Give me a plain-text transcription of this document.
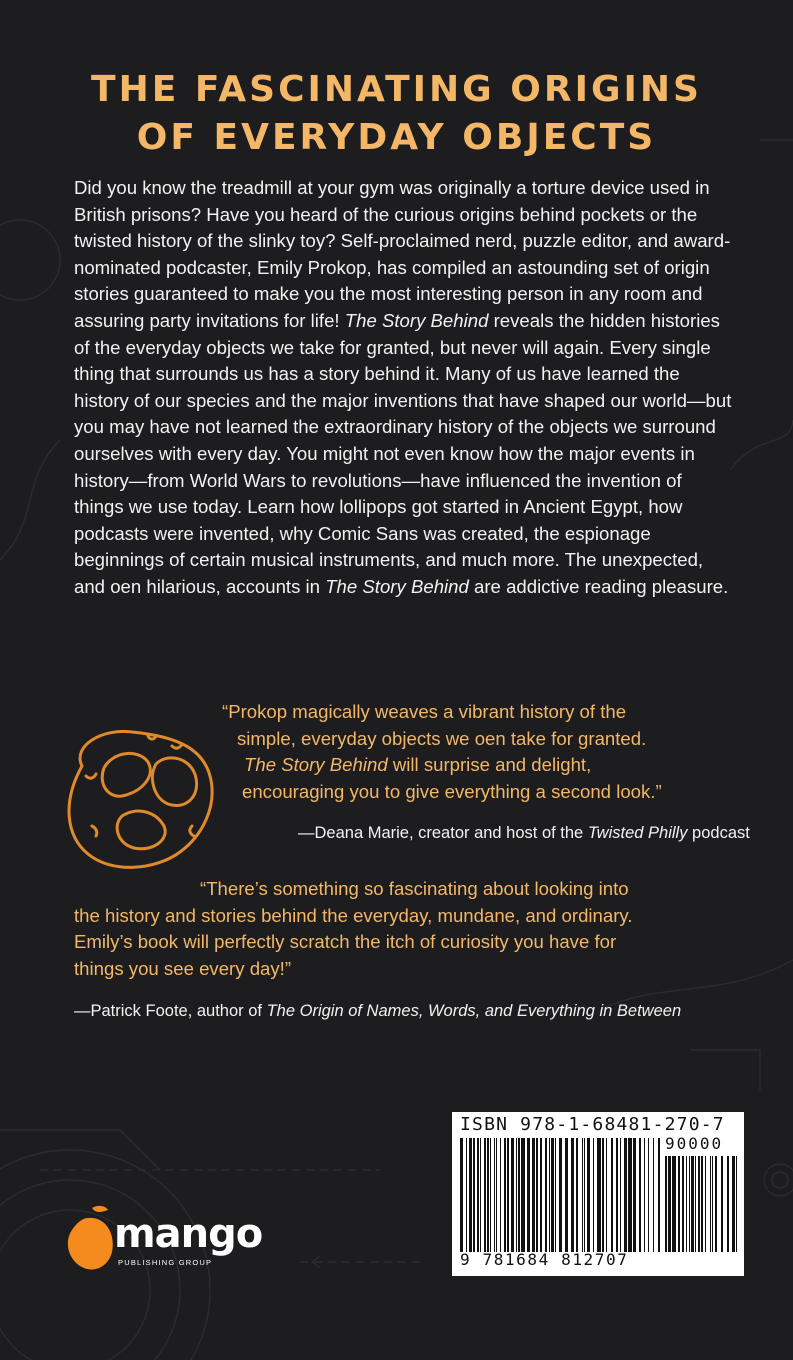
THE FASCINATING ORIGINS
OF EVERYDAY OBJECTS

Did you know the treadmill at your gym was originally a torture device used in British prisons? Have you heard of the curious origins behind pockets or the twisted history of the slinky toy? Self-proclaimed nerd, puzzle editor, and award-nominated podcaster, Emily Prokop, has compiled an astounding set of origin stories guaranteed to make you the most interesting person in any room and assuring party invitations for life! The Story Behind reveals the hidden histories of the everyday objects we take for granted, but never will again. Every single thing that surrounds us has a story behind it. Many of us have learned the history of our species and the major inventions that have shaped our world—but you may have not learned the extraordinary history of the objects we surround ourselves with every day. You might not even know how the major events in history—from World Wars to revolutions—have influenced the invention of things we use today. Learn how lollipops got started in Ancient Egypt, how podcasts were invented, why Comic Sans was created, the espionage beginnings of certain musical instruments, and much more. The unexpected, and oen hilarious, accounts in The Story Behind are addictive reading pleasure.

“Prokop magically weaves a vibrant history of the
simple, everyday objects we oen take for granted.
The Story Behind will surprise and delight,
encouraging you to give everything a second look.”

—Deana Marie, creator and host of the Twisted Philly podcast

“There’s something so fascinating about looking into
the history and stories behind the everyday, mundane, and ordinary.
Emily’s book will perfectly scratch the itch of curiosity you have for
things you see every day!”

—Patrick Foote, author of The Origin of Names, Words, and Everything in Between

mango
PUBLISHING GROUP
ISBN 978-1-68481-270-7
90000
9 781684 812707
